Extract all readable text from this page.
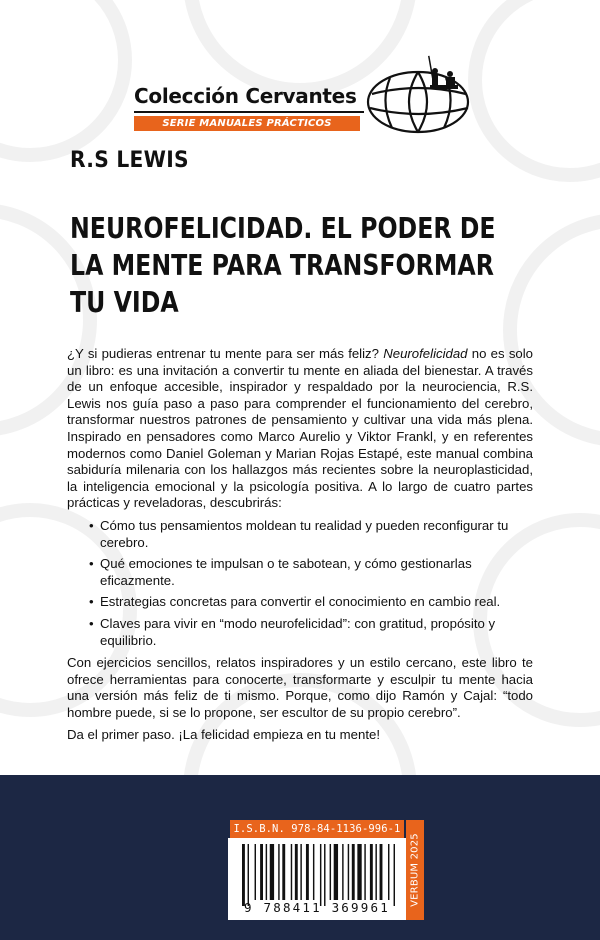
Colección Cervantes
SERIE MANUALES PRÁCTICOS
R.S LEWIS
NEUROFELICIDAD. EL PODER DE
LA MENTE PARA TRANSFORMAR
TU VIDA

¿Y si pudieras entrenar tu mente para ser más feliz? Neurofelicidad no es solo un libro: es una invitación a convertir tu mente en aliada del bienestar. A través de un enfoque accesible, inspirador y respaldado por la neurociencia, R.S. Lewis nos guía paso a paso para comprender el funcionamiento del cerebro, transformar nuestros patrones de pensamiento y cultivar una vida más plena. Inspirado en pensadores como Marco Aurelio y Viktor Frankl, y en referentes modernos como Daniel Goleman y Marian Rojas Estapé, este manual combina sabiduría milenaria con los hallazgos más recientes sobre la neuroplasticidad, la inteligencia emocional y la psicología positiva. A lo largo de cuatro partes prácticas y reveladoras, descubrirás:

• Cómo tus pensamientos moldean tu realidad y pueden reconfigurar tu cerebro.
• Qué emociones te impulsan o te sabotean, y cómo gestionarlas eficazmente.
• Estrategias concretas para convertir el conocimiento en cambio real.
• Claves para vivir en “modo neurofelicidad”: con gratitud, propósito y equilibrio.

Con ejercicios sencillos, relatos inspiradores y un estilo cercano, este libro te ofrece herramientas para conocerte, transformarte y esculpir tu mente hacia una versión más feliz de ti mismo. Porque, como dijo Ramón y Cajal: “todo hombre puede, si se lo propone, ser escultor de su propio cerebro”.

Da el primer paso. ¡La felicidad empieza en tu mente!

I.S.B.N. 978-84-1136-996-1
9 788411 369961
VERBUM 2025
